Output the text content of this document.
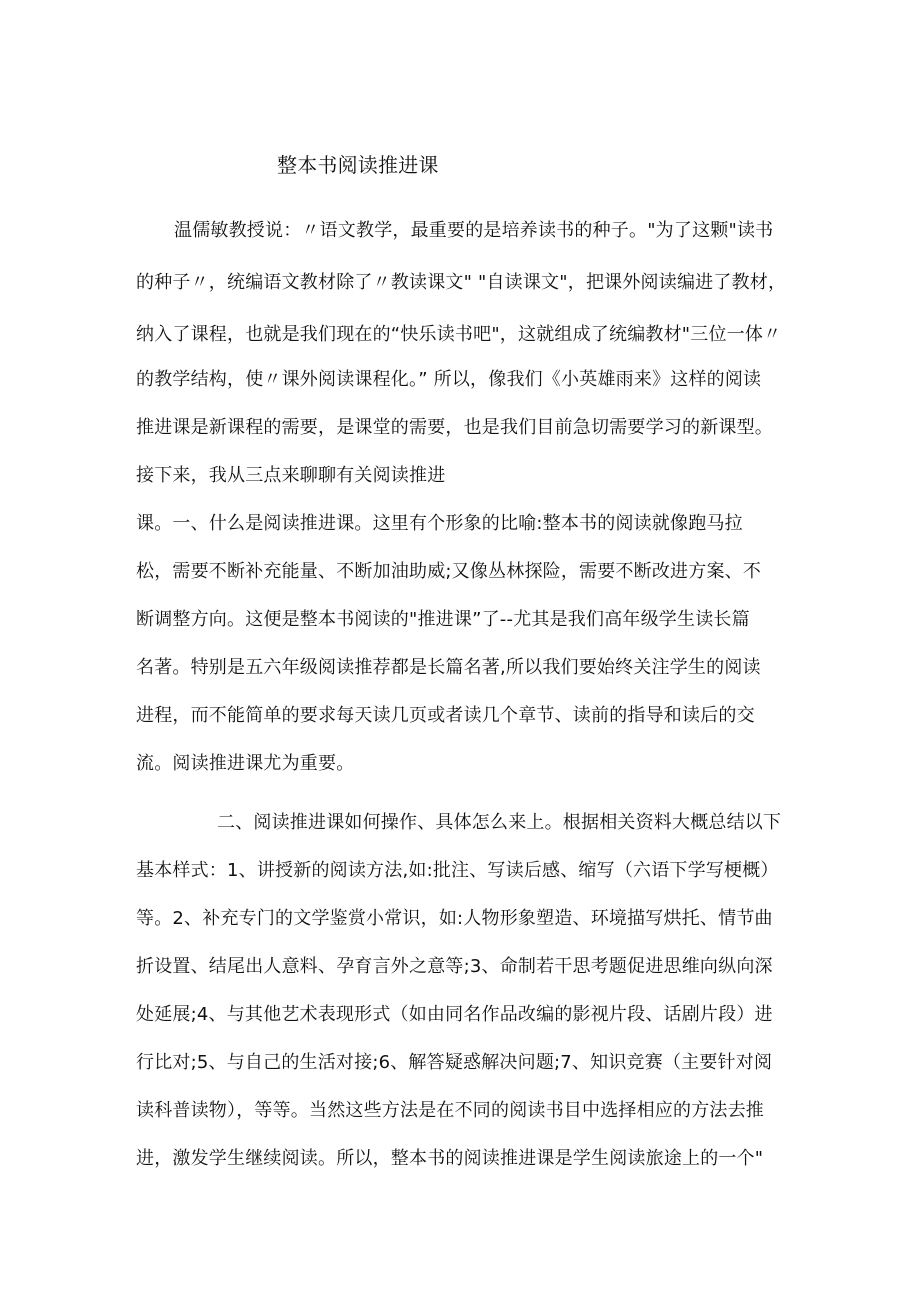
整本书阅读推进课
温儒敏教授说：〃语文教学，最重要的是培养读书的种子。"为了这颗"读书
的种子〃，统编语文教材除了〃教读课文" "自读课文"，把课外阅读编进了教材，
纳入了课程，也就是我们现在的“快乐读书吧"，这就组成了统编教材"三位一体〃
的教学结构，使〃课外阅读课程化。” 所以，像我们《小英雄雨来》这样的阅读
推进课是新课程的需要，是课堂的需要，也是我们目前急切需要学习的新课型。
接下来，我从三点来聊聊有关阅读推进
课。一、什么是阅读推进课。这里有个形象的比喻:整本书的阅读就像跑马拉
松，需要不断补充能量、不断加油助威;又像丛林探险，需要不断改进方案、不
断调整方向。这便是整本书阅读的"推进课”了--尤其是我们高年级学生读长篇
名著。特别是五六年级阅读推荐都是长篇名著,所以我们要始终关注学生的阅读
进程，而不能简单的要求每天读几页或者读几个章节、读前的指导和读后的交
流。阅读推进课尤为重要。
二、阅读推进课如何操作、具体怎么来上。根据相关资料大概总结以下
基本样式：1、讲授新的阅读方法,如:批注、写读后感、缩写（六语下学写梗概）
等。2、补充专门的文学鉴赏小常识，如:人物形象塑造、环境描写烘托、情节曲
折设置、结尾出人意料、孕育言外之意等;3、命制若干思考题促进思维向纵向深
处延展;4、与其他艺术表现形式（如由同名作品改编的影视片段、话剧片段）进
行比对;5、与自己的生活对接;6、解答疑惑解决问题;7、知识竞赛（主要针对阅
读科普读物），等等。当然这些方法是在不同的阅读书目中选择相应的方法去推
进，激发学生继续阅读。所以，整本书的阅读推进课是学生阅读旅途上的一个"
